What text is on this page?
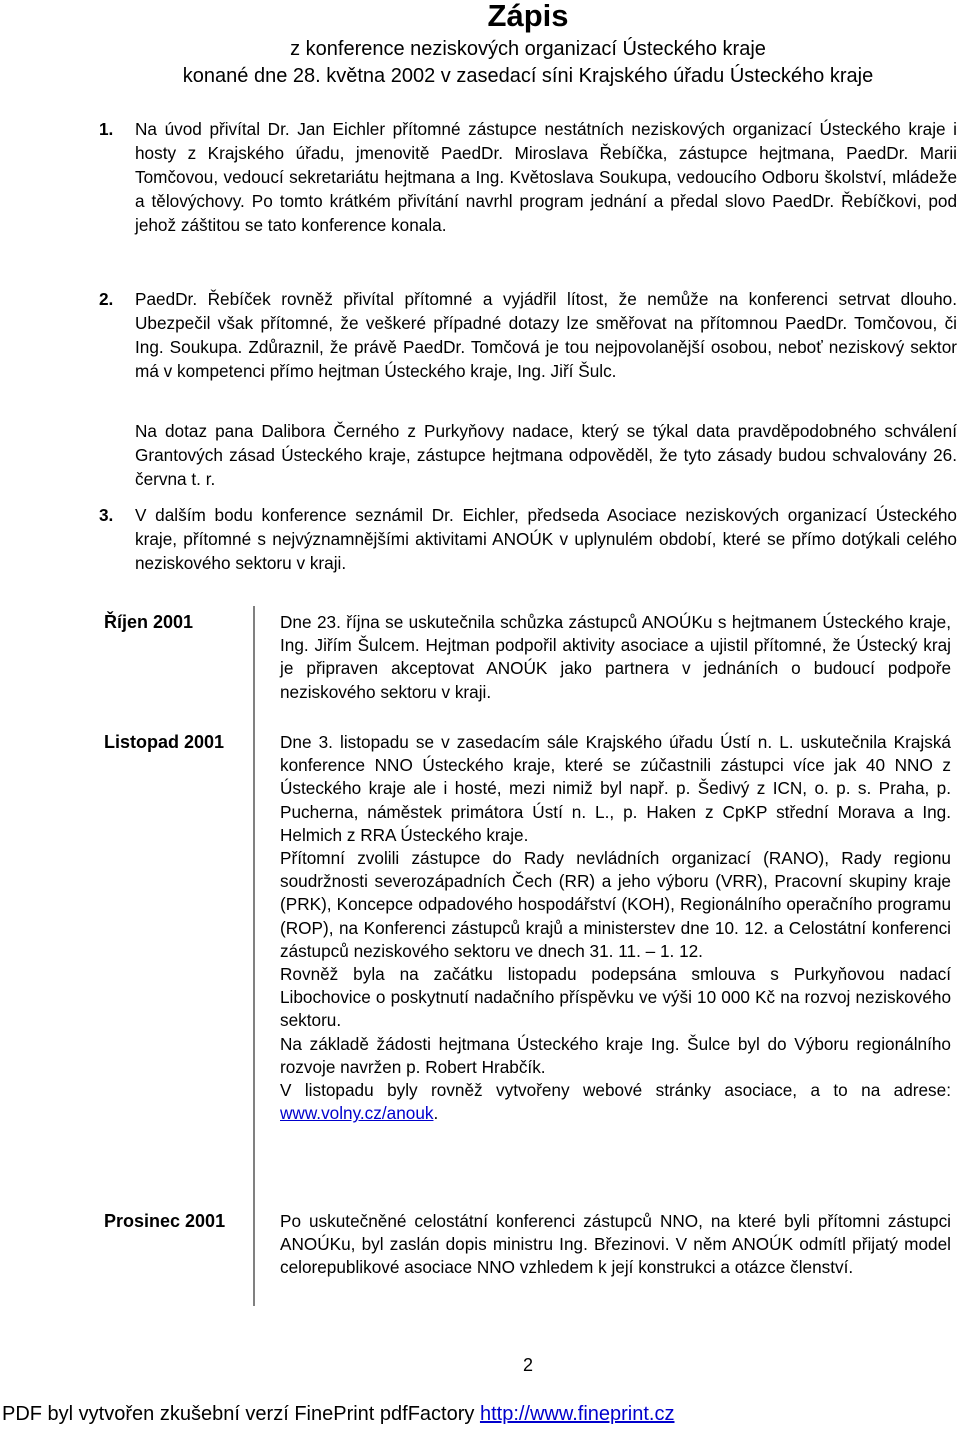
Zápis
z konference neziskových organizací Ústeckého kraje
konané dne 28. května 2002 v zasedací síni Krajského úřadu Ústeckého kraje
1. Na úvod přivítal Dr. Jan Eichler přítomné zástupce nestátních neziskových organizací Ústeckého kraje i hosty z Krajského úřadu, jmenovitě PaedDr. Miroslava Řebíčka, zástupce hejtmana, PaedDr. Marii Tomčovou, vedoucí sekretariátu hejtmana a Ing. Květoslava Soukupa, vedoucího Odboru školství, mládeže a tělovýchovy. Po tomto krátkém přivítání navrhl program jednání a předal slovo PaedDr. Řebíčkovi, pod jehož záštitou se tato konference konala.
2. PaedDr. Řebíček rovněž přivítal přítomné a vyjádřil lítost, že nemůže na konferenci setrvat dlouho. Ubezpečil však přítomné, že veškeré případné dotazy lze směřovat na přítomnou PaedDr. Tomčovou, či Ing. Soukupa. Zdůraznil, že právě PaedDr. Tomčová je tou nejpovolanější osobou, neboť neziskový sektor má v kompetenci přímo hejtman Ústeckého kraje, Ing. Jiří Šulc.
Na dotaz pana Dalibora Černého z Purkyňovy nadace, který se týkal data pravděpodobného schválení Grantových zásad Ústeckého kraje, zástupce hejtmana odpověděl, že tyto zásady budou schvalovány 26. června t. r.
3. V dalším bodu konference seznámil Dr. Eichler, předseda Asociace neziskových organizací Ústeckého kraje, přítomné s nejvýznamnějšími aktivitami ANOÚK v uplynulém období, které se přímo dotýkali celého neziskového sektoru v kraji.
Říjen 2001	Dne 23. října se uskutečnila schůzka zástupců ANOÚKu s hejtmanem Ústeckého kraje, Ing. Jiřím Šulcem. Hejtman podpořil aktivity asociace a ujistil přítomné, že Ústecký kraj je připraven akceptovat ANOÚK jako partnera v jednáních o budoucí podpoře neziskového sektoru v kraji.

Listopad 2001	Dne 3. listopadu se v zasedacím sále Krajského úřadu Ústí n. L. uskutečnila Krajská konference NNO Ústeckého kraje, které se zúčastnili zástupci více jak 40 NNO z Ústeckého kraje ale i hosté, mezi nimiž byl např. p. Šedivý z ICN, o. p. s. Praha, p. Pucherna, náměstek primátora Ústí n. L., p. Haken z CpKP střední Morava a Ing. Helmich z RRA Ústeckého kraje.

Přítomní zvolili zástupce do Rady nevládních organizací (RANO), Rady regionu soudržnosti severozápadních Čech (RR) a jeho výboru (VRR), Pracovní skupiny kraje (PRK), Koncepce odpadového hospodářství (KOH), Regionálního operačního programu (ROP), na Konferenci zástupců krajů a ministerstev dne 10. 12. a Celostátní konferenci zástupců neziskového sektoru ve dnech 31. 11. – 1. 12.

Rovněž byla na začátku listopadu podepsána smlouva s Purkyňovou nadací Libochovice o poskytnutí nadačního příspěvku ve výši 10 000 Kč na rozvoj neziskového sektoru.

Na základě žádosti hejtmana Ústeckého kraje Ing. Šulce byl do Výboru regionálního rozvoje navržen p. Robert Hrabčík.

V listopadu byly rovněž vytvořeny webové stránky asociace, a to na adrese: www.volny.cz/anouk.

Prosinec 2001	Po uskutečněné celostátní konferenci zástupců NNO, na které byli přítomni zástupci ANOÚKu, byl zaslán dopis ministru Ing. Březinovi. V něm ANOÚK odmítl přijatý model celorepublikové asociace NNO vzhledem k její konstrukci a otázce členství.

2
PDF byl vytvořen zkušební verzí FinePrint pdfFactory http://www.fineprint.cz
